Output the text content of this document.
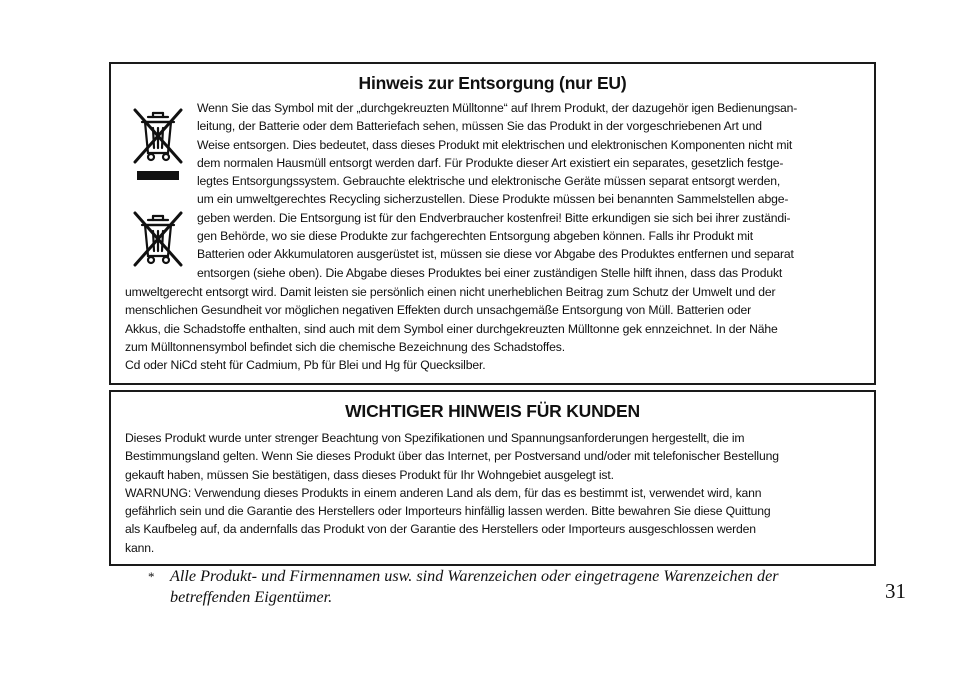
Hinweis zur Entsorgung (nur EU)
Wenn Sie das Symbol mit der „durchgekreuzten Mülltonne“ auf Ihrem Produkt, der dazugehör igen Bedienungsan-
leitung, der Batterie oder dem Batteriefach sehen, müssen Sie das Produkt in der vorgeschriebenen Art und
Weise entsorgen. Dies bedeutet, dass dieses Produkt mit elektrischen und elektronischen Komponenten nicht mit
dem normalen Hausmüll entsorgt werden darf. Für Produkte dieser Art existiert ein separates, gesetzlich festge-
legtes Entsorgungssystem. Gebrauchte elektrische und elektronische Geräte müssen separat entsorgt werden,
um ein umweltgerechtes Recycling sicherzustellen. Diese Produkte müssen bei benannten Sammelstellen abge-
geben werden. Die Entsorgung ist für den Endverbraucher kostenfrei! Bitte erkundigen sie sich bei ihrer zuständi-
gen Behörde, wo sie diese Produkte zur fachgerechten Entsorgung abgeben können. Falls ihr Produkt mit
Batterien oder Akkumulatoren ausgerüstet ist, müssen sie diese vor Abgabe des Produktes entfernen und separat
entsorgen (siehe oben). Die Abgabe dieses Produktes bei einer zuständigen Stelle hilft ihnen, dass das Produkt
umweltgerecht entsorgt wird. Damit leisten sie persönlich einen nicht unerheblichen Beitrag zum Schutz der Umwelt und der
menschlichen Gesundheit vor möglichen negativen Effekten durch unsachgemäße Entsorgung von Müll. Batterien oder
Akkus, die Schadstoffe enthalten, sind auch mit dem Symbol einer durchgekreuzten Mülltonne gek ennzeichnet. In der Nähe
zum Mülltonnensymbol befindet sich die chemische Bezeichnung des Schadstoffes.
Cd oder NiCd steht für Cadmium, Pb für Blei und Hg für Quecksilber.
WICHTIGER HINWEIS FÜR KUNDEN
Dieses Produkt wurde unter strenger Beachtung von Spezifikationen und Spannungsanforderungen hergestellt, die im
Bestimmungsland gelten. Wenn Sie dieses Produkt über das Internet, per Postversand und/oder mit telefonischer Bestellung
gekauft haben, müssen Sie bestätigen, dass dieses Produkt für Ihr Wohngebiet ausgelegt ist.
WARNUNG: Verwendung dieses Produkts in einem anderen Land als dem, für das es bestimmt ist, verwendet wird, kann
gefährlich sein und die Garantie des Herstellers oder Importeurs hinfällig lassen werden. Bitte bewahren Sie diese Quittung
als Kaufbeleg auf, da andernfalls das Produkt von der Garantie des Herstellers oder Importeurs ausgeschlossen werden
kann.
* Alle Produkt- und Firmennamen usw. sind Warenzeichen oder eingetragene Warenzeichen der
betreffenden Eigentümer.	31
